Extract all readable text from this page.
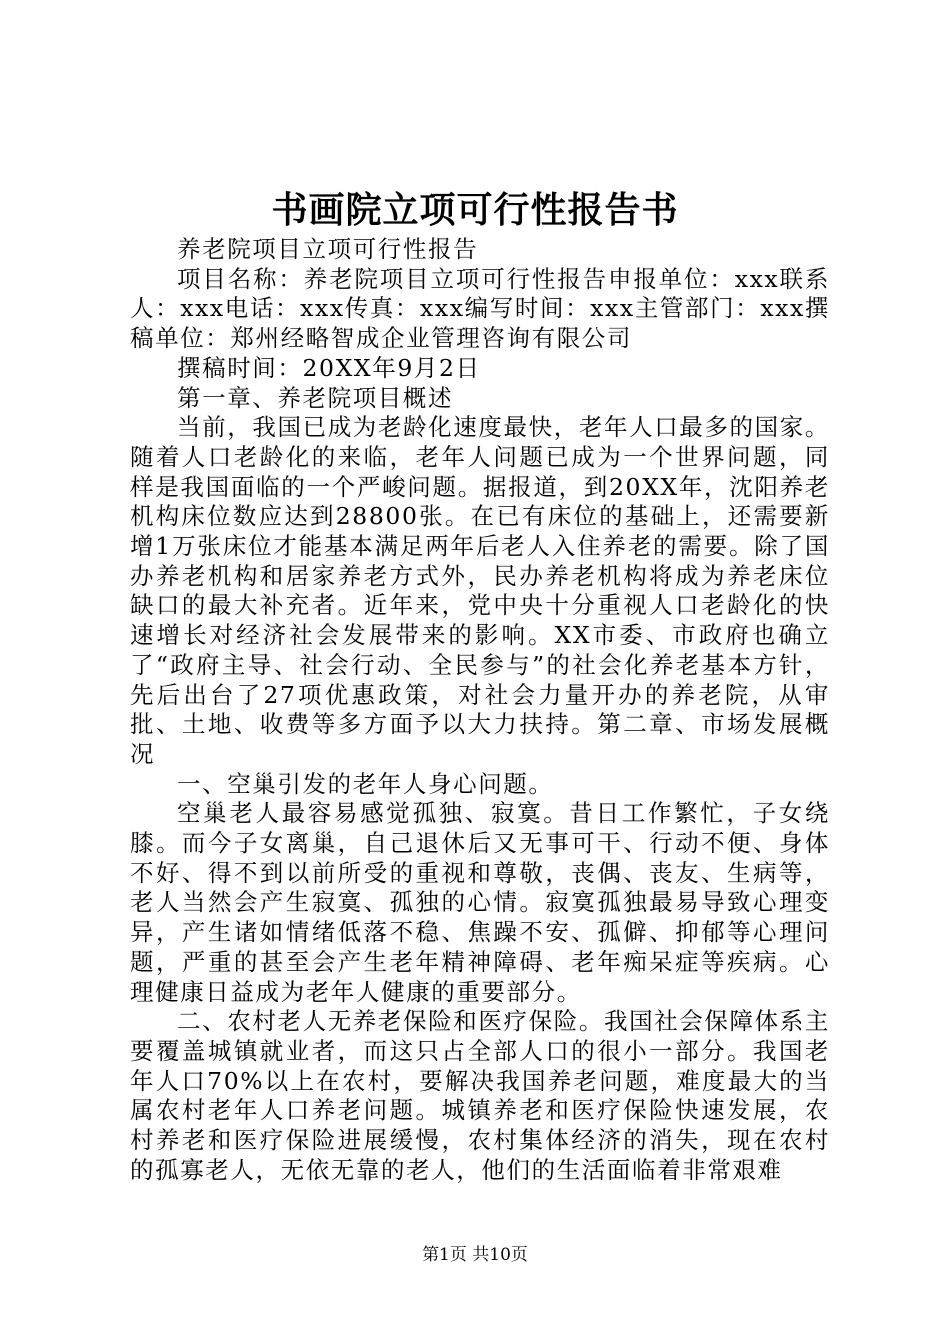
书画院立项可行性报告书

养老院项目立项可行性报告

项目名称：养老院项目立项可行性报告申报单位：xxx联系人：xxx电话：xxx传真：xxx编写时间：xxx主管部门：xxx撰稿单位：郑州经略智成企业管理咨询有限公司

撰稿时间：20XX年9月2日

第一章、养老院项目概述

当前，我国已成为老龄化速度最快，老年人口最多的国家。随着人口老龄化的来临，老年人问题已成为一个世界问题，同样是我国面临的一个严峻问题。据报道，到20XX年，沈阳养老机构床位数应达到28800张。在已有床位的基础上，还需要新增1万张床位才能基本满足两年后老人入住养老的需要。除了国办养老机构和居家养老方式外，民办养老机构将成为养老床位缺口的最大补充者。近年来，党中央十分重视人口老龄化的快速增长对经济社会发展带来的影响。XX市委、市政府也确立了“政府主导、社会行动、全民参与”的社会化养老基本方针，先后出台了27项优惠政策，对社会力量开办的养老院，从审批、土地、收费等多方面予以大力扶持。第二章、市场发展概况

一、空巢引发的老年人身心问题。

空巢老人最容易感觉孤独、寂寞。昔日工作繁忙，子女绕膝。而今子女离巢，自己退休后又无事可干、行动不便、身体不好、得不到以前所受的重视和尊敬，丧偶、丧友、生病等，老人当然会产生寂寞、孤独的心情。寂寞孤独最易导致心理变异，产生诸如情绪低落不稳、焦躁不安、孤僻、抑郁等心理问题，严重的甚至会产生老年精神障碍、老年痴呆症等疾病。心理健康日益成为老年人健康的重要部分。

二、农村老人无养老保险和医疗保险。我国社会保障体系主要覆盖城镇就业者，而这只占全部人口的很小一部分。我国老年人口70%以上在农村，要解决我国养老问题，难度最大的当属农村老年人口养老问题。城镇养老和医疗保险快速发展，农村养老和医疗保险进展缓慢，农村集体经济的消失，现在农村的孤寡老人，无依无靠的老人，他们的生活面临着非常艰难

第1页 共10页
